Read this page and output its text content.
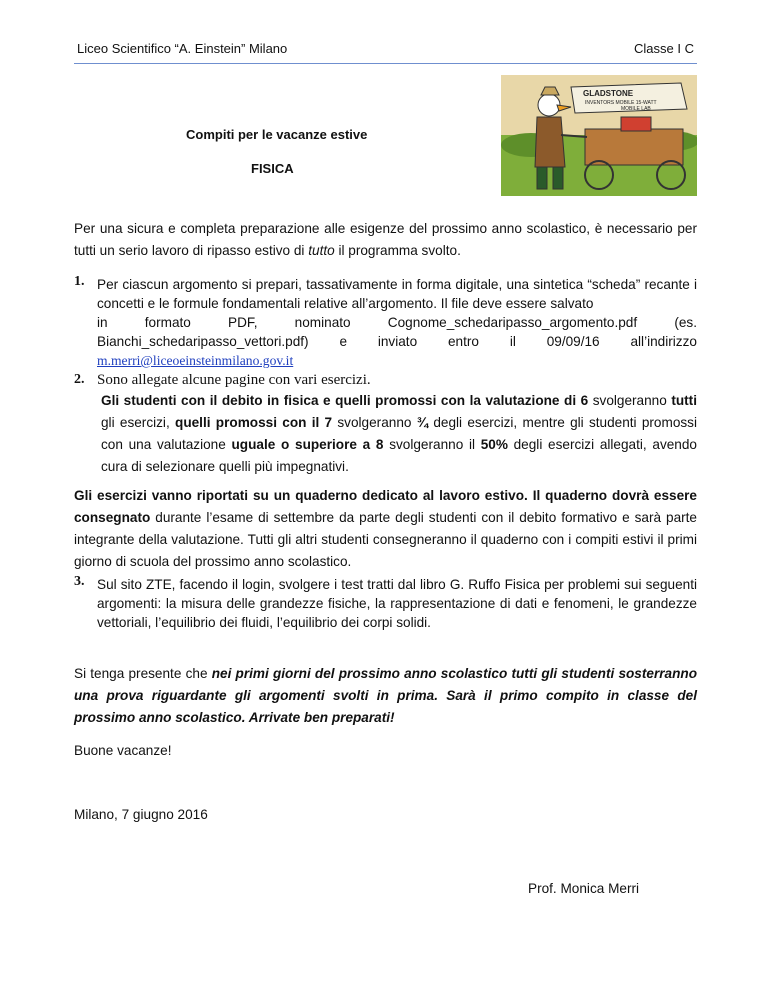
Liceo Scientifico “A. Einstein” Milano	Classe I C
GLADSTONE
INVENTORS MOBILE 15-WATT
MOBILE LAB
Compiti per le vacanze estive
FISICA
Per una sicura e completa preparazione alle esigenze del prossimo anno scolastico, è necessario per tutti un serio lavoro di ripasso estivo di tutto il programma svolto.
1. Per ciascun argomento si prepari, tassativamente in forma digitale, una sintetica “scheda” recante i concetti e le formule fondamentali relative all’argomento. Il file deve essere salvato
in	formato	PDF,	nominato	Cognome_schedaripasso_argomento.pdf	(es.
Bianchi_schedaripasso_vettori.pdf) e inviato entro il 09/09/16 all’indirizzo
m.merri@liceoeinsteinmilano.gov.it
2. Sono allegate alcune pagine con vari esercizi.
Gli studenti con il debito in fisica e quelli promossi con la valutazione di 6 svolgeranno tutti gli esercizi, quelli promossi con il 7 svolgeranno ¾ degli esercizi, mentre gli studenti promossi con una valutazione uguale o superiore a 8 svolgeranno il 50% degli esercizi allegati, avendo cura di selezionare quelli più impegnativi.
Gli esercizi vanno riportati su un quaderno dedicato al lavoro estivo. Il quaderno dovrà essere consegnato durante l’esame di settembre da parte degli studenti con il debito formativo e sarà parte integrante della valutazione. Tutti gli altri studenti consegneranno il quaderno con i compiti estivi il primi giorno di scuola del prossimo anno scolastico.
3. Sul sito ZTE, facendo il login, svolgere i test tratti dal libro G. Ruffo Fisica per problemi sui seguenti argomenti: la misura delle grandezze fisiche, la rappresentazione di dati e fenomeni, le grandezze vettoriali, l’equilibrio dei fluidi, l’equilibrio dei corpi solidi.
Si tenga presente che nei primi giorni del prossimo anno scolastico tutti gli studenti sosterranno una prova riguardante gli argomenti svolti in prima. Sarà il primo compito in classe del prossimo anno scolastico. Arrivate ben preparati!
Buone vacanze!
Milano, 7 giugno 2016
Prof. Monica Merri
